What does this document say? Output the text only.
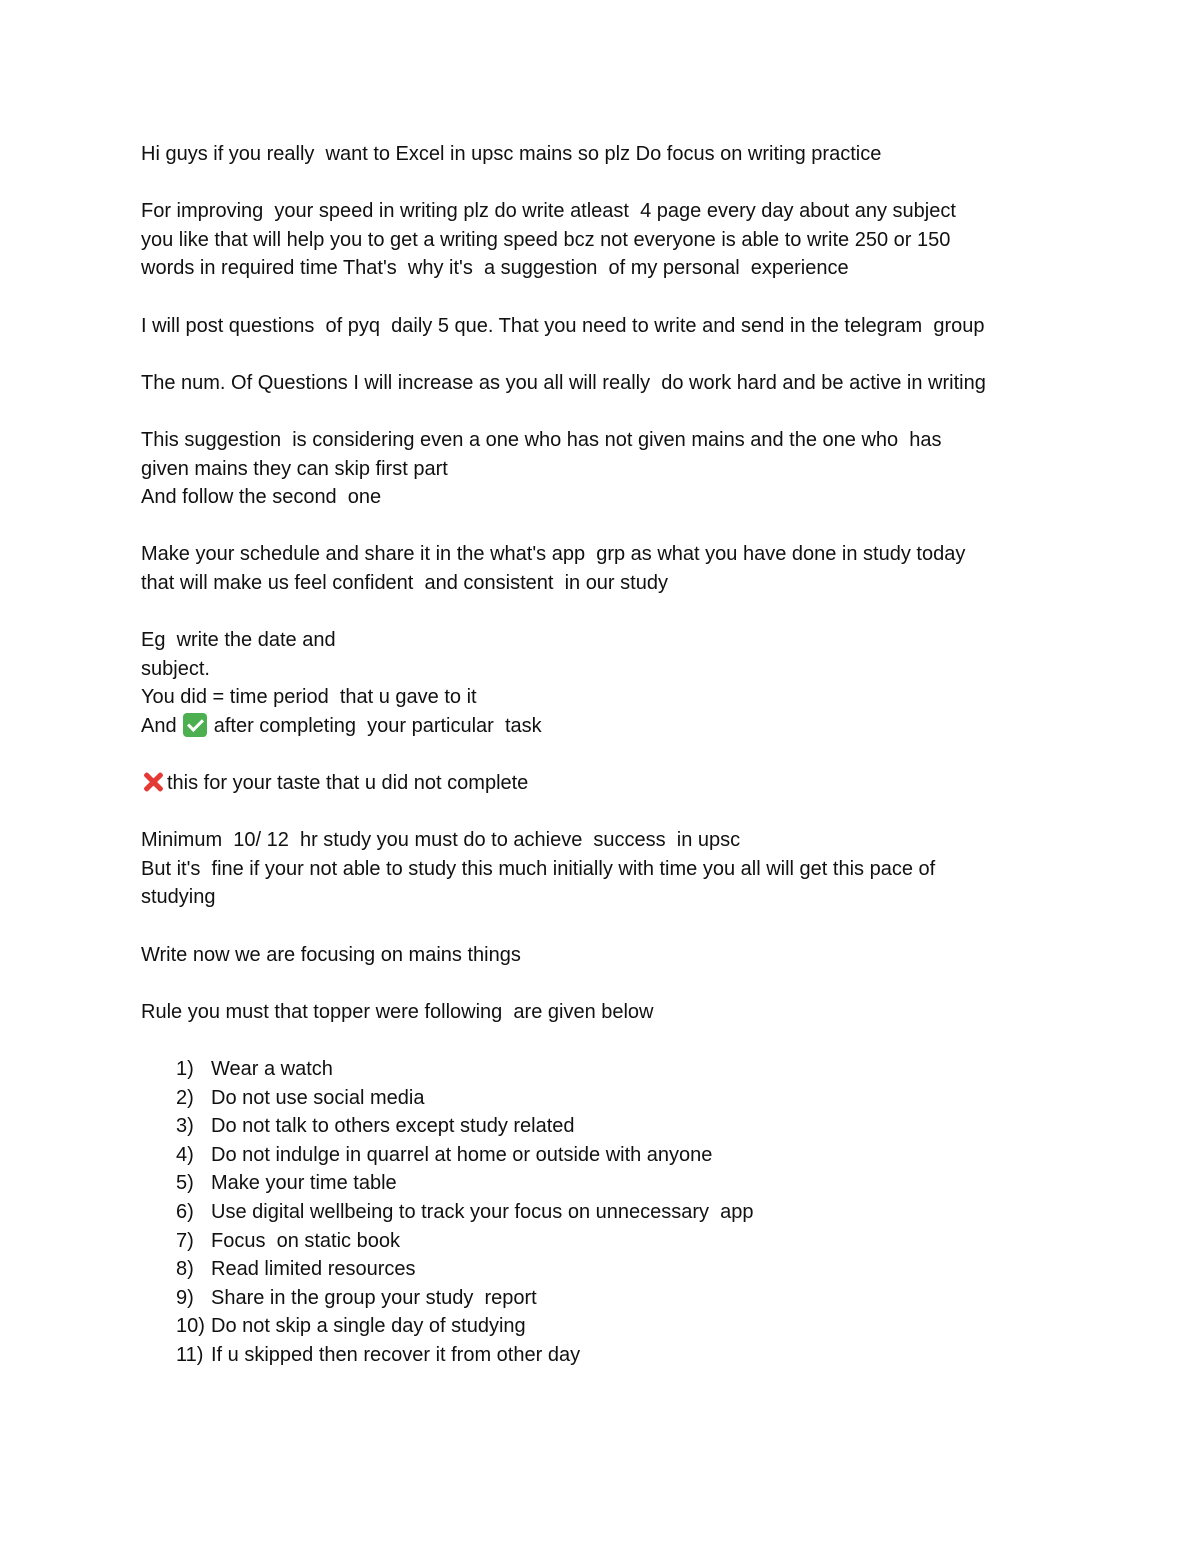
Hi guys if you really  want to Excel in upsc mains so plz Do focus on writing practice
For improving  your speed in writing plz do write atleast  4 page every day about any subject
you like that will help you to get a writing speed bcz not everyone is able to write 250 or 150
words in required time That's  why it's  a suggestion  of my personal  experience
I will post questions  of pyq  daily 5 que. That you need to write and send in the telegram  group
The num. Of Questions I will increase as you all will really  do work hard and be active in writing
This suggestion  is considering even a one who has not given mains and the one who  has
given mains they can skip first part
And follow the second  one
Make your schedule and share it in the what's app  grp as what you have done in study today
that will make us feel confident  and consistent  in our study
Eg  write the date and
subject.
You did = time period  that u gave to it
And  after completing  your particular  task
this for your taste that u did not complete
Minimum  10/ 12  hr study you must do to achieve  success  in upsc
But it's  fine if your not able to study this much initially with time you all will get this pace of
studying
Write now we are focusing on mains things
Rule you must that topper were following  are given below
1) Wear a watch
2) Do not use social media
3) Do not talk to others except study related
4) Do not indulge in quarrel at home or outside with anyone
5) Make your time table
6) Use digital wellbeing to track your focus on unnecessary  app
7) Focus  on static book
8) Read limited resources
9) Share in the group your study  report
10) Do not skip a single day of studying
11) If u skipped then recover it from other day
